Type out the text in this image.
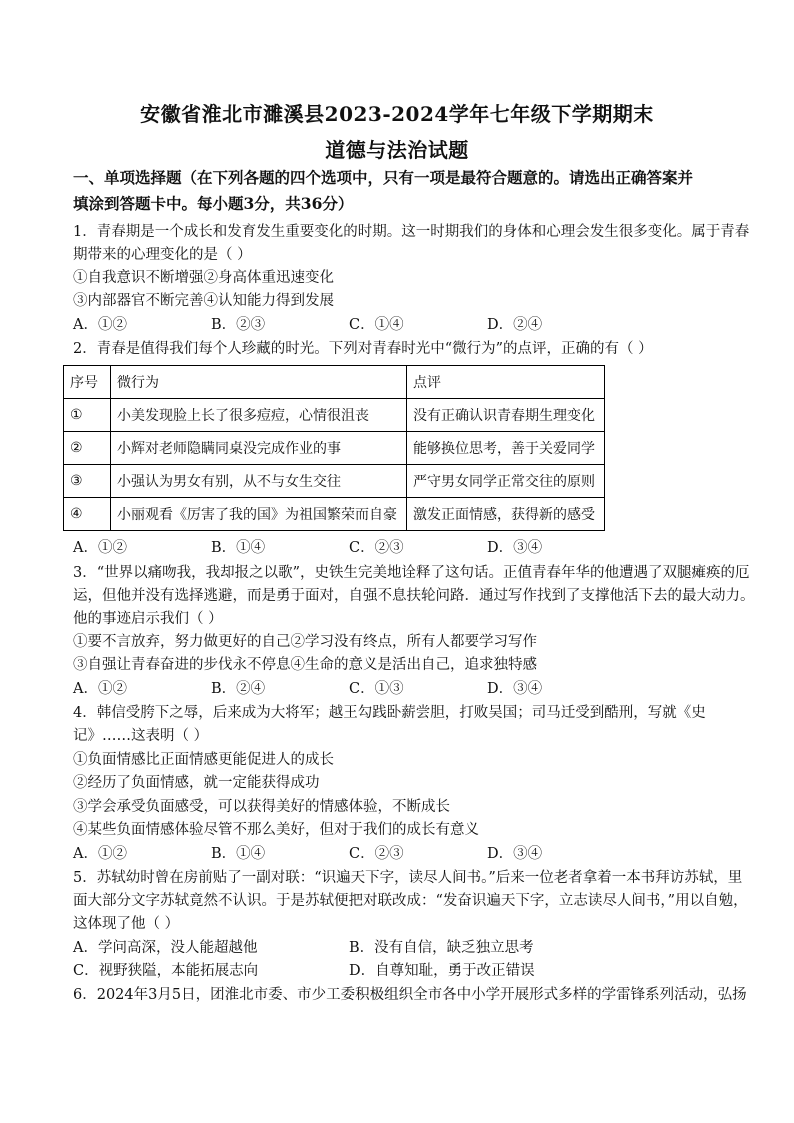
安徽省淮北市濉溪县2023-2024学年七年级下学期期末
道德与法治试题
一、单项选择题（在下列各题的四个选项中，只有一项是最符合题意的。请选出正确答案并
填涂到答题卡中。每小题3分，共36分）
1．青春期是一个成长和发育发生重要变化的时期。这一时期我们的身体和心理会发生很多变化。属于青春
期带来的心理变化的是（ ）
①自我意识不断增强②身高体重迅速变化
③内部器官不断完善④认知能力得到发展
A．①②	B．②③	C．①④	D．②④
2．青春是值得我们每个人珍藏的时光。下列对青春时光中“微行为”的点评，正确的有（ ）
序号	微行为	点评
①	小美发现脸上长了很多痘痘，心情很沮丧	没有正确认识青春期生理变化
②	小辉对老师隐瞒同桌没完成作业的事	能够换位思考，善于关爱同学
③	小强认为男女有别，从不与女生交往	严守男女同学正常交往的原则
④	小丽观看《厉害了我的国》为祖国繁荣而自豪	激发正面情感，获得新的感受
A．①②	B．①④	C．②③	D．③④
3．“世界以痛吻我，我却报之以歌”，史铁生完美地诠释了这句话。正值青春年华的他遭遇了双腿瘫痪的厄
运，但他并没有选择逃避，而是勇于面对，自强不息扶轮问路．通过写作找到了支撑他活下去的最大动力。
他的事迹启示我们（ ）
①要不言放弃，努力做更好的自己②学习没有终点，所有人都要学习写作
③自强让青春奋进的步伐永不停息④生命的意义是活出自己，追求独特感
A．①②	B．②④	C．①③	D．③④
4．韩信受胯下之辱，后来成为大将军；越王勾践卧薪尝胆，打败吴国；司马迁受到酷刑，写就《史
记》……这表明（ ）
①负面情感比正面情感更能促进人的成长
②经历了负面情感，就一定能获得成功
③学会承受负面感受，可以获得美好的情感体验，不断成长
④某些负面情感体验尽管不那么美好，但对于我们的成长有意义
A．①②	B．①④	C．②③	D．③④
5．苏轼幼时曾在房前贴了一副对联：“识遍天下字，读尽人间书。”后来一位老者拿着一本书拜访苏轼，里
面大部分文字苏轼竟然不认识。于是苏轼便把对联改成：“发奋识遍天下字，立志读尽人间书，”用以自勉，
这体现了他（ ）
A．学问高深，没人能超越他	B．没有自信，缺乏独立思考
C．视野狭隘，本能拓展志向	D．自尊知耻，勇于改正错误
6．2024年3月5日，团淮北市委、市少工委积极组织全市各中小学开展形式多样的学雷锋系列活动，弘扬
